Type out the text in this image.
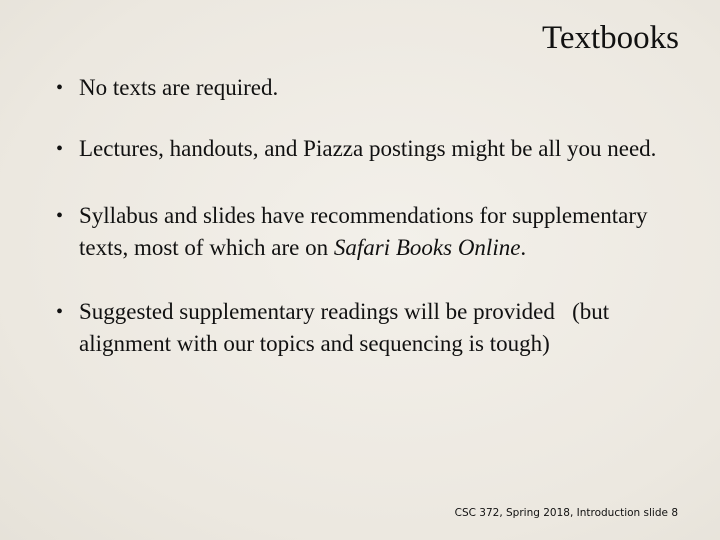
Textbooks
• No texts are required.
• Lectures, handouts, and Piazza postings might be all you need.
• Syllabus and slides have recommendations for supplementary texts, most of which are on Safari Books Online.
• Suggested supplementary readings will be provided   (but alignment with our topics and sequencing is tough)
CSC 372, Spring 2018, Introduction slide 8
